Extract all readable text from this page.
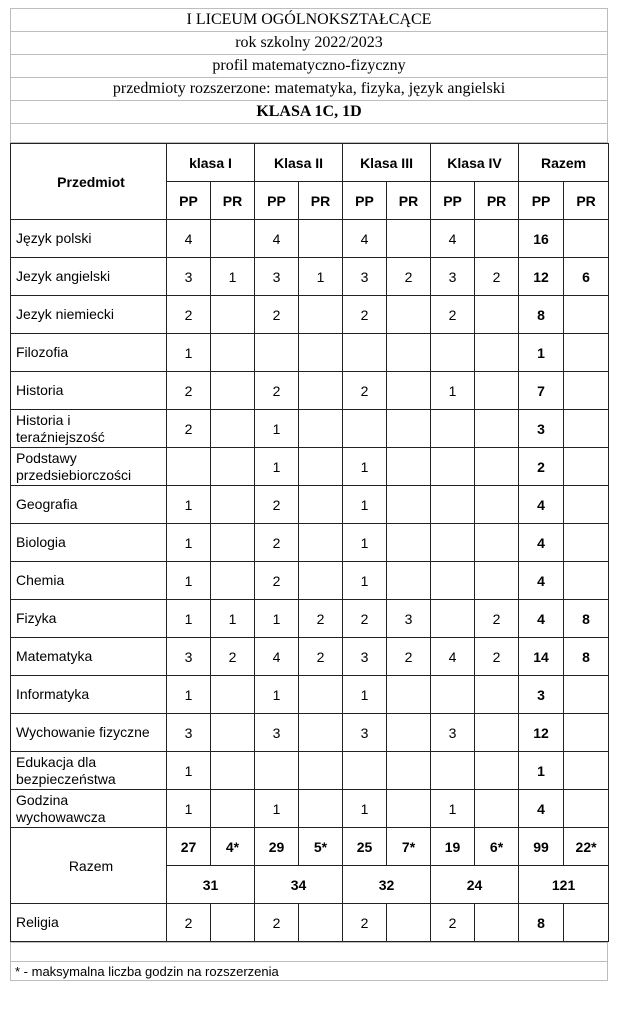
I LICEUM OGÓLNOKSZTAŁCĄCE
rok szkolny 2022/2023
profil matematyczno-fizyczny
przedmioty rozszerzone: matematyka, fizyka, język angielski
KLASA 1C, 1D

Przedmiot	klasa I		Klasa II		Klasa III		Klasa IV		Razem	
	PP	PR	PP	PR	PP	PR	PP	PR	PP	PR
Język polski	4		4		4		4		16	
Jezyk angielski	3	1	3	1	3	2	3	2	12	6
Jezyk niemiecki	2		2		2		2		8	
Filozofia	1								1	
Historia	2		2		2		1		7	
Historia i
teraźniejszość	2		1						3	
Podstawy
przedsiebiorczości			1		1				2	
Geografia	1		2		1				4	
Biologia	1		2		1				4	
Chemia	1		2		1				4	
Fizyka	1	1	1	2	2	3		2	4	8
Matematyka	3	2	4	2	3	2	4	2	14	8
Informatyka	1		1		1				3	
Wychowanie fizyczne	3		3		3		3		12	
Edukacja dla
bezpieczeństwa	1								1	
Godzina
wychowawcza	1		1		1		1		4	
Razem	27	4*	29	5*	25	7*	19	6*	99	22*
	31		34		32		24		121	
Religia	2		2		2		2		8	

* - maksymalna liczba godzin na rozszerzenia
